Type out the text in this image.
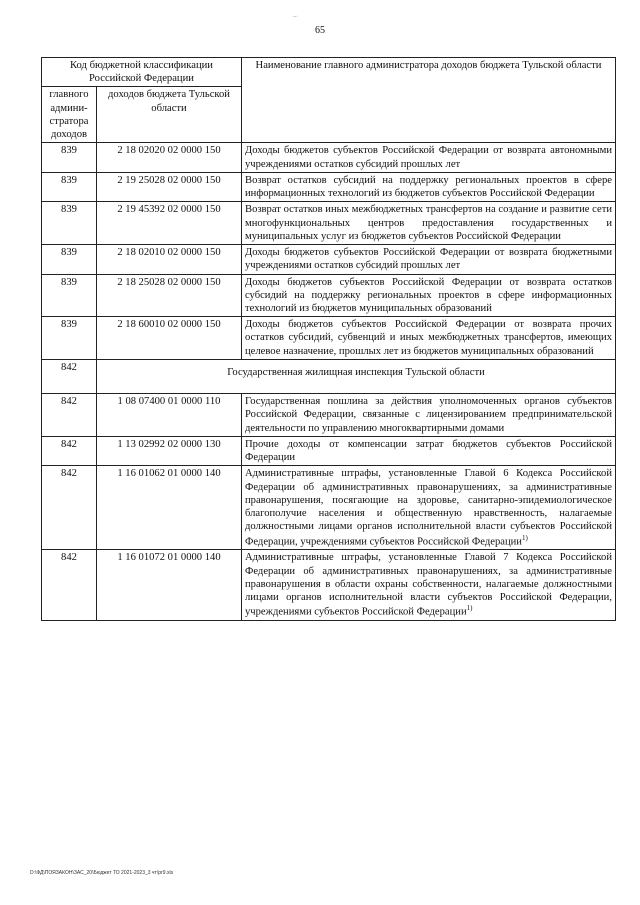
·-·
65
Код бюджетной классификации Российской Федерации		Наименование главного администратора доходов бюджета Тульской области
главного админи-стратора доходов	доходов бюджета Тульской области	
839	2 18 02020 02 0000 150	Доходы бюджетов субъектов Российской Федерации от возврата автономными учреждениями остатков субсидий прошлых лет
839	2 19 25028 02 0000 150	Возврат остатков субсидий на поддержку региональных проектов в сфере информационных технологий из бюджетов субъектов Российской Федерации
839	2 19 45392 02 0000 150	Возврат остатков иных межбюджетных трансфертов на создание и развитие сети многофункциональных центров предоставления государственных и муниципальных услуг из бюджетов субъектов Российской Федерации
839	2 18 02010 02 0000 150	Доходы бюджетов субъектов Российской Федерации от возврата бюджетными учреждениями остатков субсидий прошлых лет
839	2 18 25028 02 0000 150	Доходы бюджетов субъектов Российской Федерации от возврата остатков субсидий на поддержку региональных проектов в сфере информационных технологий из бюджетов муниципальных образований
839	2 18 60010 02 0000 150	Доходы бюджетов субъектов Российской Федерации от возврата прочих остатков субсидий, субвенций и иных межбюджетных трансфертов, имеющих целевое назначение, прошлых лет из бюджетов муниципальных образований
842	Государственная жилищная инспекция Тульской области	
842	1 08 07400 01 0000 110	Государственная пошлина за действия уполномоченных органов субъектов Российской Федерации, связанные с лицензированием предпринимательской деятельности по управлению многоквартирными домами
842	1 13 02992 02 0000 130	Прочие доходы от компенсации затрат бюджетов субъектов Российской Федерации
842	1 16 01062 01 0000 140	Административные штрафы, установленные Главой 6 Кодекса Российской Федерации об административных правонарушениях, за административные правонарушения, посягающие на здоровье, санитарно-эпидемиологическое благополучие населения и общественную нравственность, налагаемые должностными лицами органов исполнительной власти субъектов Российской Федерации, учреждениями субъектов Российской Федерации$^{1)}$
842	1 16 01072 01 0000 140	Административные штрафы, установленные Главой 7 Кодекса Российской Федерации об административных правонарушениях, за административные правонарушения в области охраны собственности, налагаемые должностными лицами органов исполнительной власти субъектов Российской Федерации, учреждениями субъектов Российской Федерации$^{1)}$
D:\ФД\ПОЯЗАКОН\ЗАС_20\Бюджет ТО 2021-2023_3 чт\рг9.xls
